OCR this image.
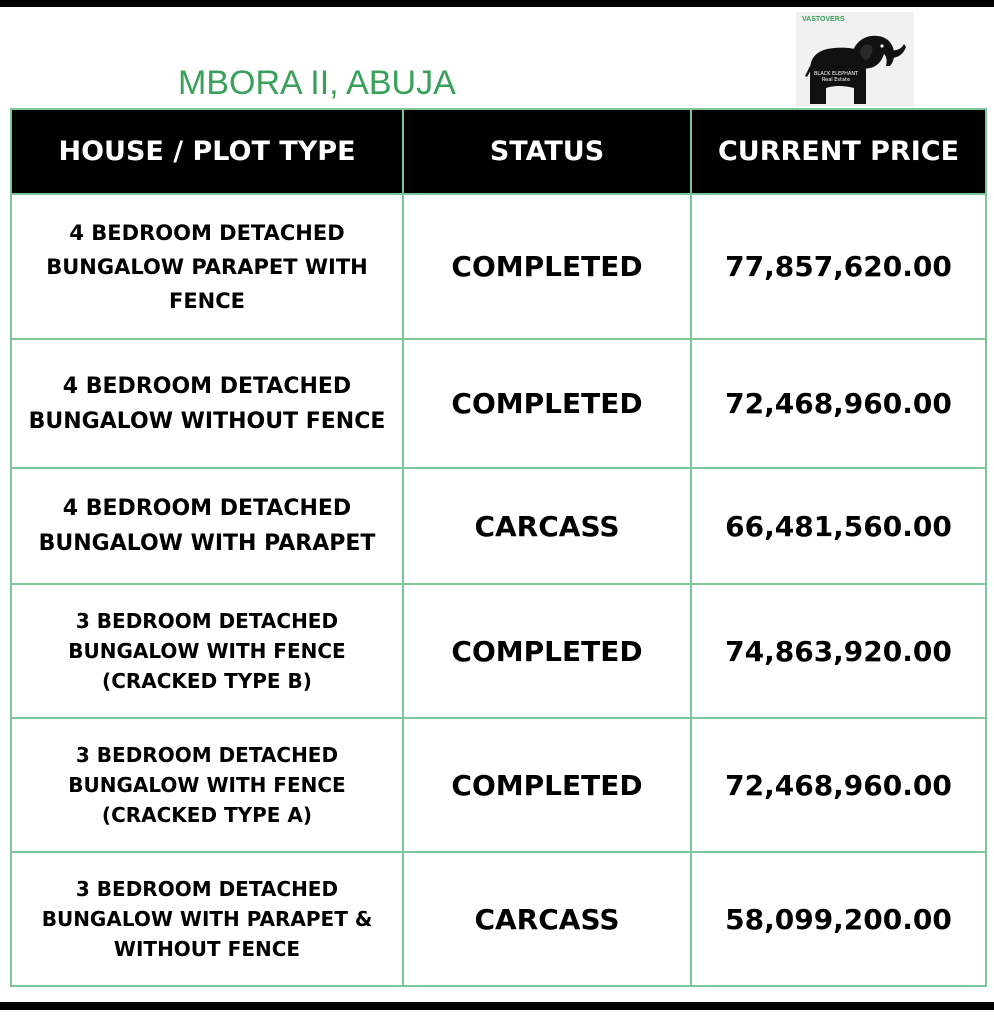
MBORA II, ABUJA
VASTOVERS
BLACK ELEPHANT
Real Estate
HOUSE / PLOT TYPE	STATUS	CURRENT PRICE

4 BEDROOM DETACHED
BUNGALOW PARAPET WITH
FENCE	COMPLETED	77,857,620.00

4 BEDROOM DETACHED
BUNGALOW WITHOUT FENCE	COMPLETED	72,468,960.00

4 BEDROOM DETACHED
BUNGALOW WITH PARAPET	CARCASS	66,481,560.00

3 BEDROOM DETACHED
BUNGALOW WITH FENCE
(CRACKED TYPE B)	COMPLETED	74,863,920.00

3 BEDROOM DETACHED
BUNGALOW WITH FENCE
(CRACKED TYPE A)	COMPLETED	72,468,960.00

3 BEDROOM DETACHED
BUNGALOW WITH PARAPET &
WITHOUT FENCE	CARCASS	58,099,200.00
